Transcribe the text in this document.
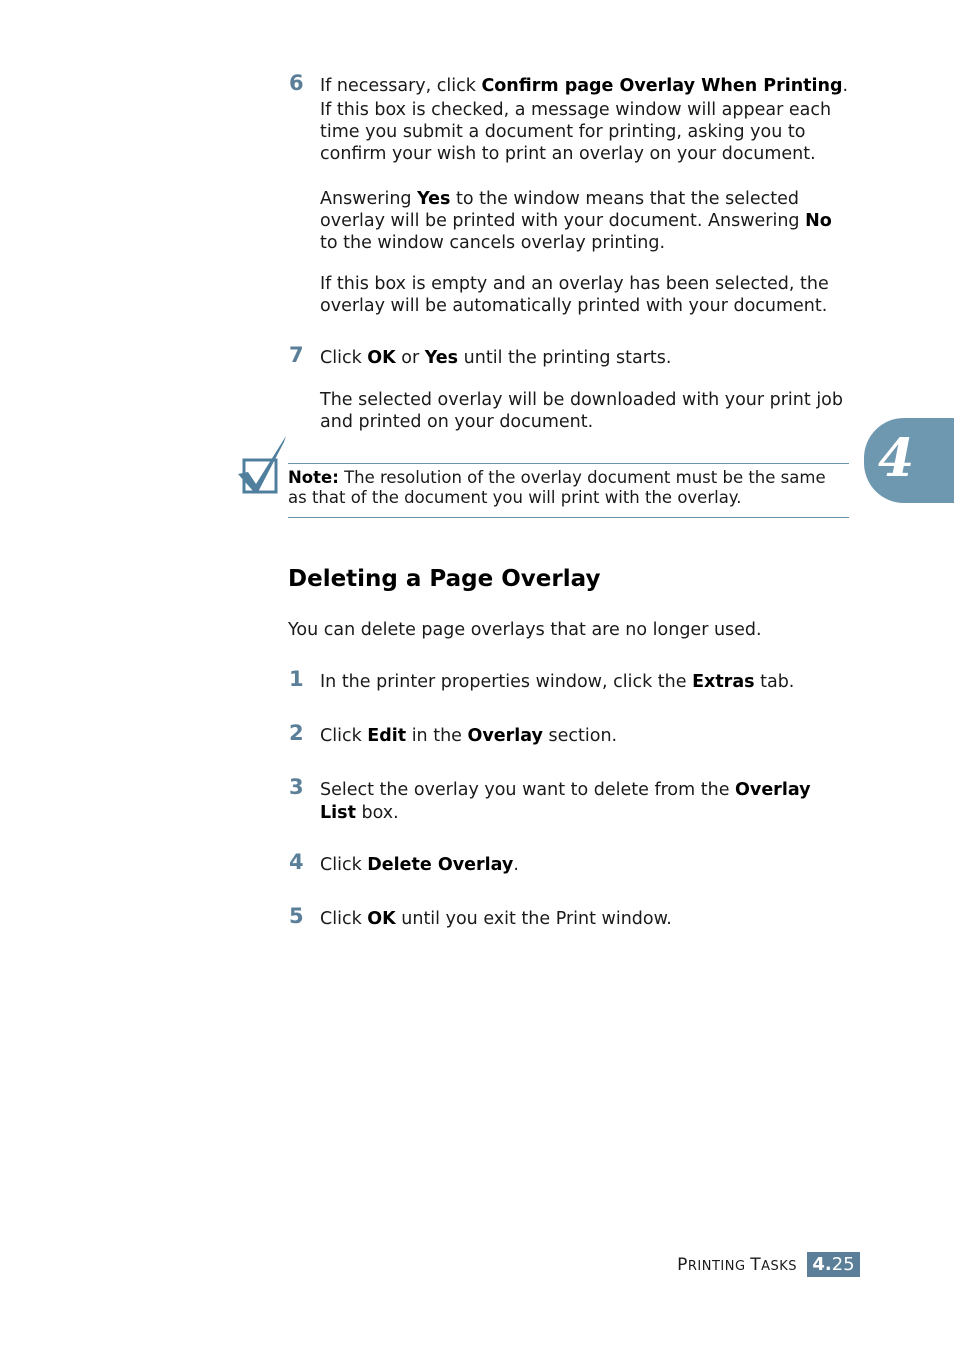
6 If necessary, click Confirm page Overlay When Printing.
If this box is checked, a message window will appear each time you submit a document for printing, asking you to confirm your wish to print an overlay on your document.
Answering Yes to the window means that the selected overlay will be printed with your document. Answering No to the window cancels overlay printing.
If this box is empty and an overlay has been selected, the overlay will be automatically printed with your document.
7 Click OK or Yes until the printing starts.
The selected overlay will be downloaded with your print job and printed on your document.
Note: The resolution of the overlay document must be the same as that of the document you will print with the overlay.
Deleting a Page Overlay
You can delete page overlays that are no longer used.
1 In the printer properties window, click the Extras tab.
2 Click Edit in the Overlay section.
3 Select the overlay you want to delete from the Overlay List box.
4 Click Delete Overlay.
5 Click OK until you exit the Print window.
4
PRINTING TASKS 4.25
